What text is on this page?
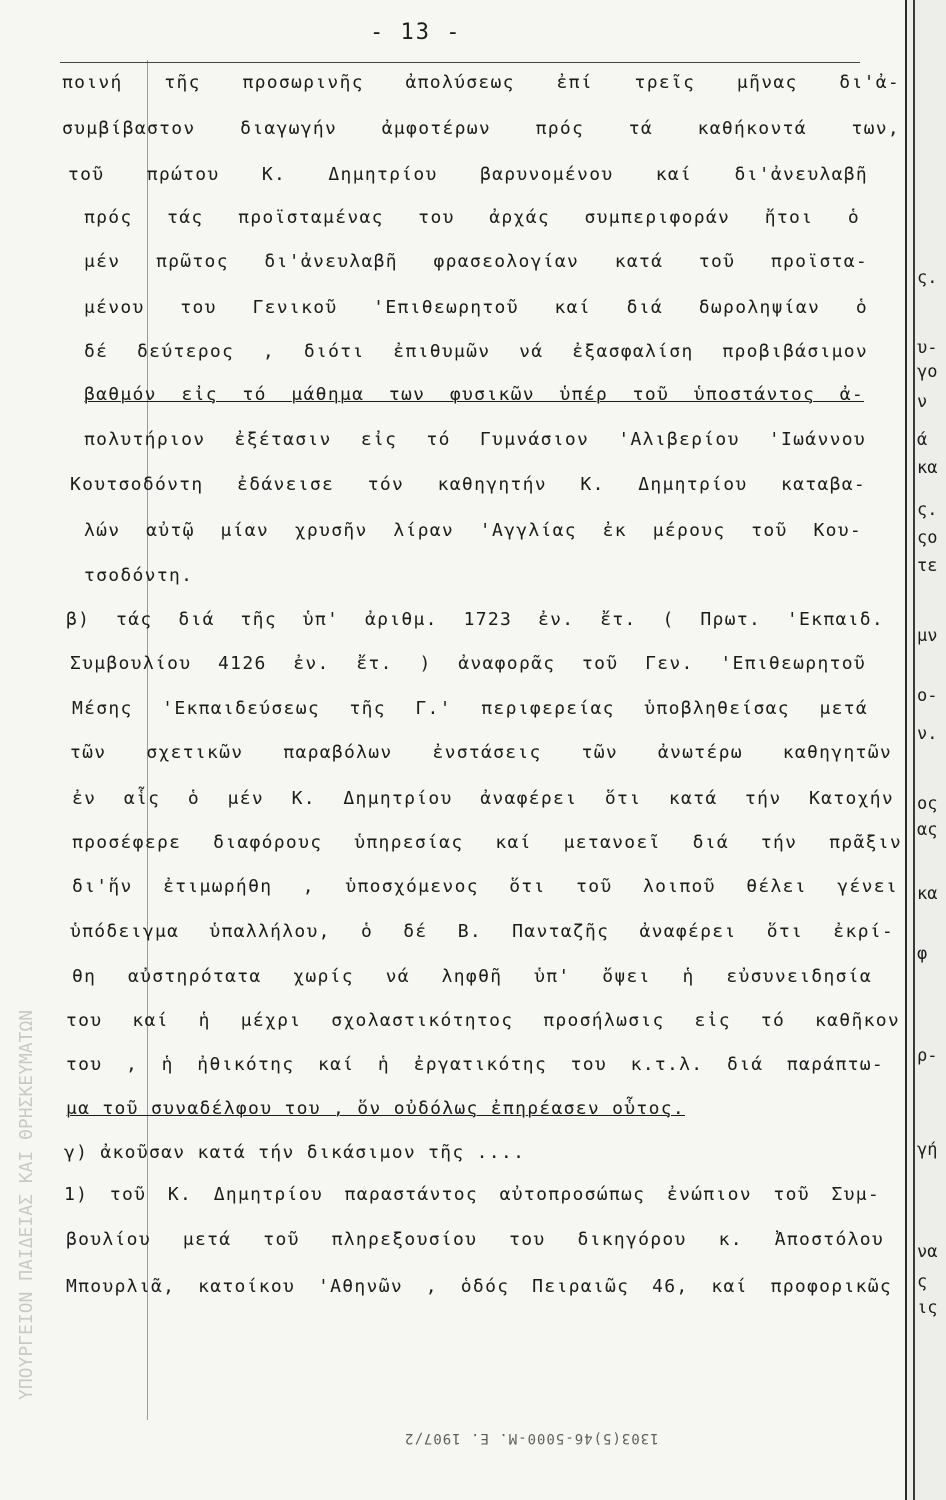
ΥΠΟΥΡΓΕΙΟΝ ΠΑΙΔΕΙΑΣ ΚΑΙ ΘΡΗΣΚΕΥΜΑΤΩΝ
- 13 -
ποινή τῆς προσωρινῆς ἀπολύσεως ἐπί τρεῖς μῆνας δι'ἀ-
συμβίβαστον διαγωγήν ἀμφοτέρων πρός τά καθήκοντά των,
τοῦ πρώτου Κ. Δημητρίου βαρυνομένου καί δι'ἀνευλαβῆ
πρός τάς προϊσταμένας του ἀρχάς συμπεριφοράν ἤτοι ὁ
μέν πρῶτος δι'ἀνευλαβῆ φρασεολογίαν κατά τοῦ προϊστα-
μένου του Γενικοῦ 'Επιθεωρητοῦ καί διά δωροληψίαν ὁ
δέ δεύτερος , διότι ἐπιθυμῶν νά ἐξασφαλίση προβιβάσιμον
βαθμόν εἰς τό μάθημα των φυσικῶν ὑπέρ τοῦ ὑποστάντος ἀ-
πολυτήριον ἐξέτασιν εἰς τό Γυμνάσιον 'Αλιβερίου 'Ιωάννου
Κουτσοδόντη ἐδάνεισε τόν καθηγητήν Κ. Δημητρίου καταβα-
λών αὐτῷ μίαν χρυσῆν λίραν 'Αγγλίας ἐκ μέρους τοῦ Κου-
τσοδόντη.
β) τάς διά τῆς ὑπ' ἀριθμ. 1723 ἐν. ἔτ. ( Πρωτ. 'Εκπαιδ.
Συμβουλίου 4126 ἐν. ἔτ. ) ἀναφορᾶς τοῦ Γεν. 'Επιθεωρητοῦ
Μέσης 'Εκπαιδεύσεως τῆς Γ.' περιφερείας ὑποβληθείσας μετά
τῶν σχετικῶν παραβόλων ἐνστάσεις τῶν ἀνωτέρω καθηγητῶν
ἐν αἷς ὁ μέν Κ. Δημητρίου ἀναφέρει ὅτι κατά τήν Κατοχήν
προσέφερε διαφόρους ὑπηρεσίας καί μετανοεῖ διά τήν πρᾶξιν
δι'ἥν ἐτιμωρήθη , ὑποσχόμενος ὅτι τοῦ λοιποῦ θέλει γένει
ὑπόδειγμα ὑπαλλήλου, ὁ δέ Β. Πανταζῆς ἀναφέρει ὅτι ἐκρί-
θη αὐστηρότατα χωρίς νά ληφθῆ ὑπ' ὄψει ἡ εὐσυνειδησία
του καί ἡ μέχρι σχολαστικότητος προσήλωσις εἰς τό καθῆκον
του , ἡ ἠθικότης καί ἡ ἐργατικότης του κ.τ.λ. διά παράπτω-
μα τοῦ συναδέλφου του , ὅν οὐδόλως ἐπηρέασεν οὗτος.
γ) ἀκοῦσαν κατά τήν δικάσιμον τῆς ....
1) τοῦ Κ. Δημητρίου παραστάντος αὐτοπροσώπως ἐνώπιον τοῦ Συμ-
βουλίου μετά τοῦ πληρεξουσίου του δικηγόρου κ. Ἀποστόλου
Μπουρλιᾶ, κατοίκου 'Αθηνῶν , ὁδός Πειραιῶς 46, καί προφορικῶς
1303(5)46-5000-Μ. Ε. 1907/2
ς.
υ-
γο
ν
ά
κα
ς.
ςο
τε
μν
ο-
ν.
ος
ας
κα
φ
ρ-
γή
να
ς
ις
